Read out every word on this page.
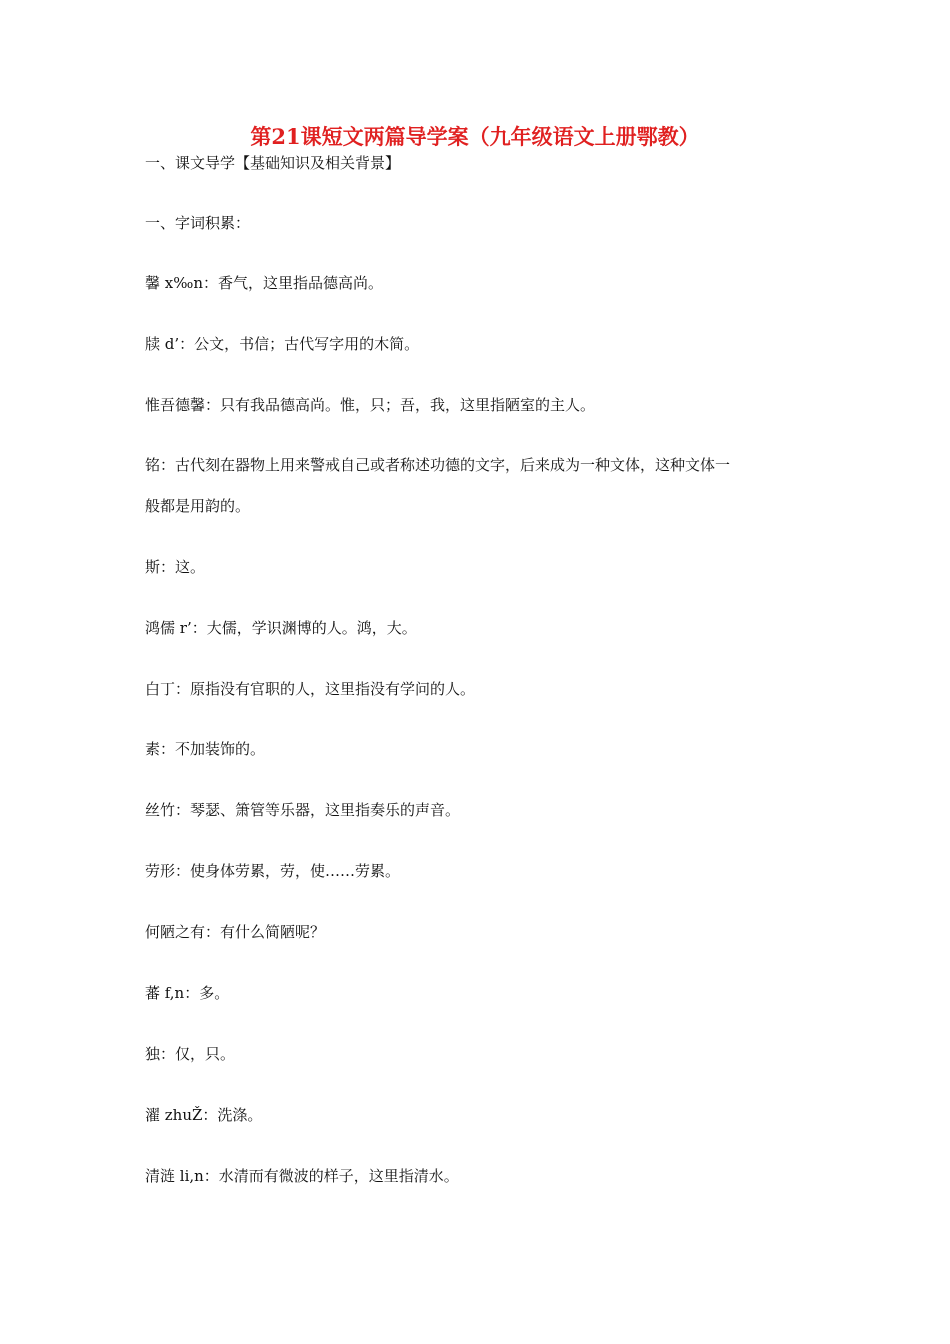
第21课短文两篇导学案（九年级语文上册鄂教）
一、课文导学【基础知识及相关背景】
一、字词积累：
馨 x‰n：香气，这里指品德高尚。
牍 d’：公文，书信；古代写字用的木简。
惟吾德馨：只有我品德高尚。惟，只；吾，我，这里指陋室的主人。
铭：古代刻在器物上用来警戒自己或者称述功德的文字，后来成为一种文体，这种文体一
般都是用韵的。
斯：这。
鸿儒 r’：大儒，学识渊博的人。鸿，大。
白丁：原指没有官职的人，这里指没有学问的人。
素：不加装饰的。
丝竹：琴瑟、箫管等乐器，这里指奏乐的声音。
劳形：使身体劳累，劳，使……劳累。
何陋之有：有什么简陋呢？
蕃 f,n：多。
独：仅，只。
濯 zhuŽ：洗涤。
清涟 li,n：水清而有微波的样子，这里指清水。
